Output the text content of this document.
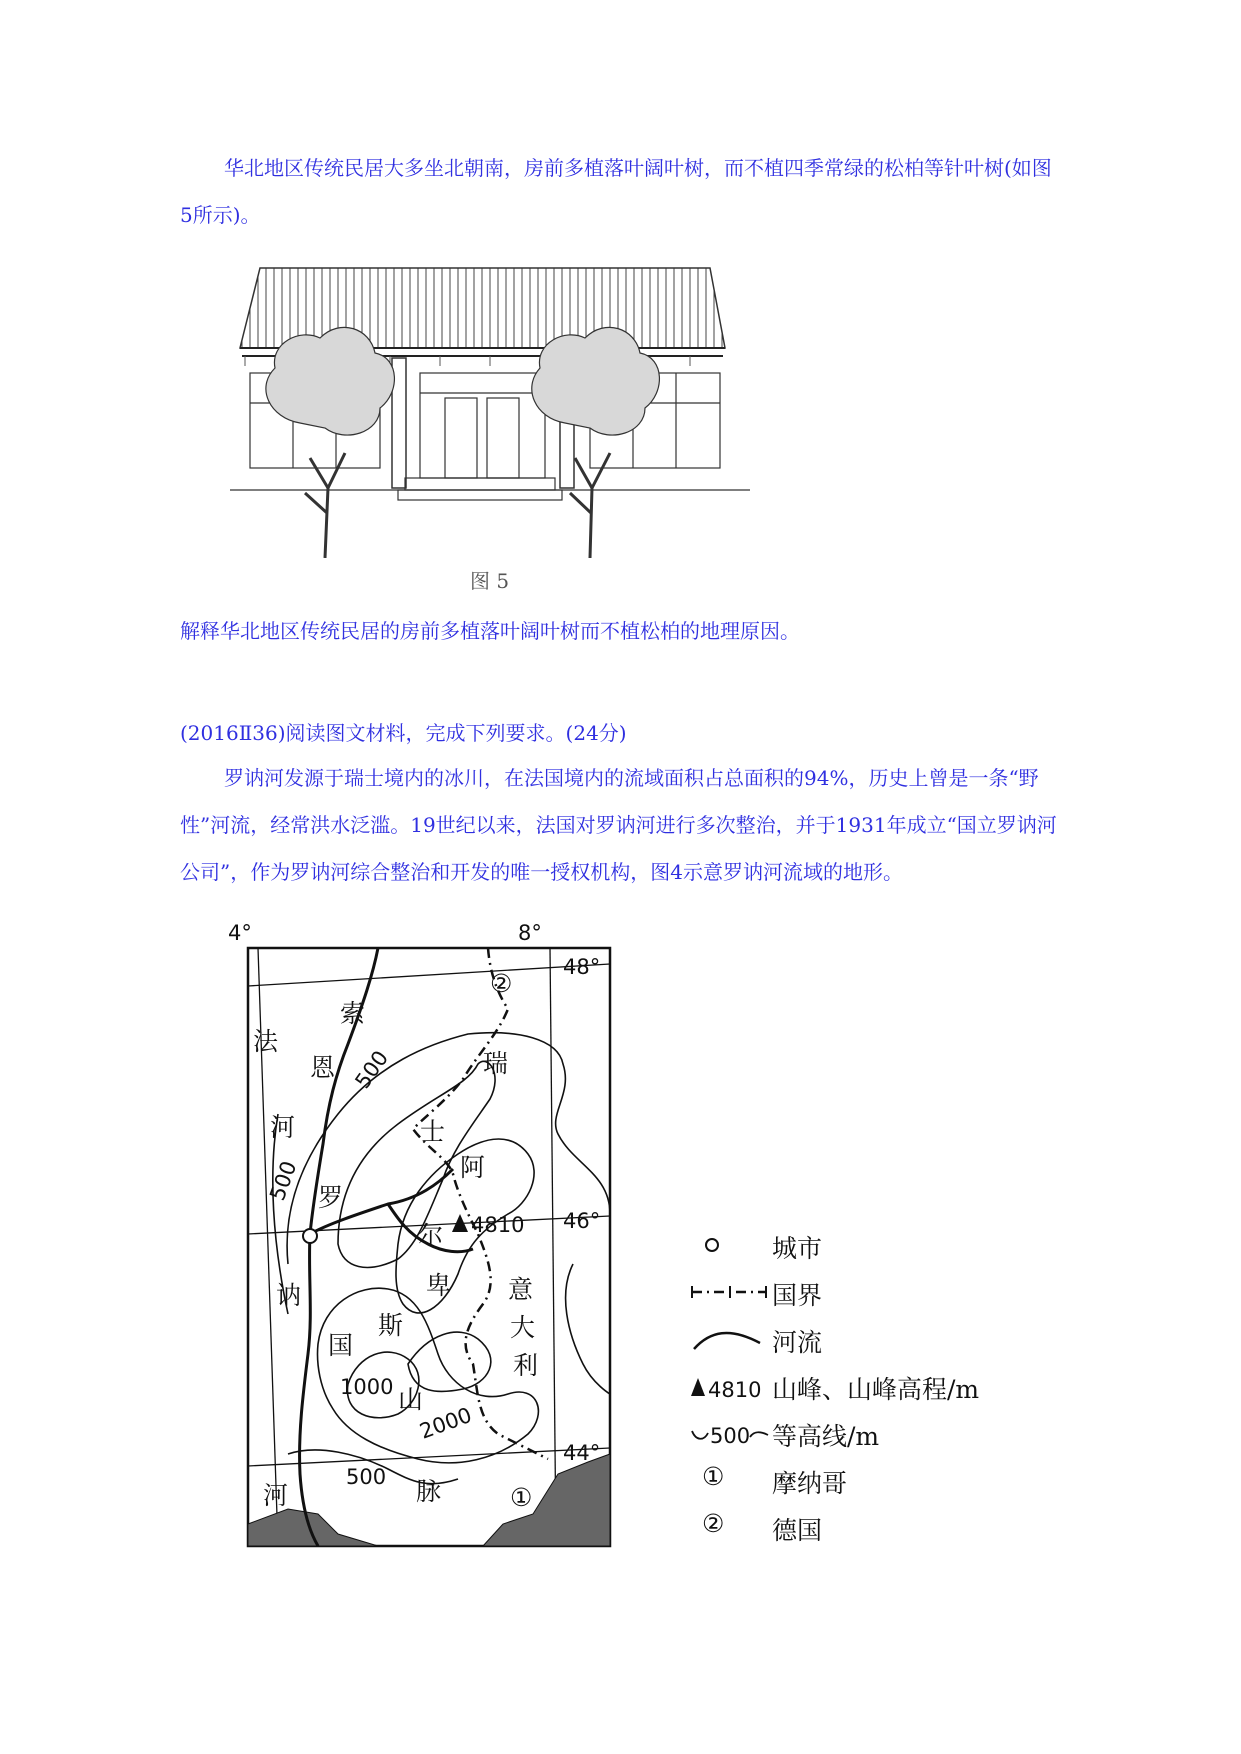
华北地区传统民居大多坐北朝南，房前多植落叶阔叶树，而不植四季常绿的松柏等针叶树(如图5所示)。

图 5

解释华北地区传统民居的房前多植落叶阔叶树而不植松柏的地理原因。

(2016Ⅱ36)阅读图文材料，完成下列要求。(24分)

罗讷河发源于瑞士境内的冰川，在法国境内的流域面积占总面积的94%，历史上曾是一条“野性”河流，经常洪水泛滥。19世纪以来，法国对罗讷河进行多次整治，并于1931年成立“国立罗讷河公司”，作为罗讷河综合整治和开发的唯一授权机构，图4示意罗讷河流域的地形。

4°	8°
48°
46°
44°
法
国
索
恩
河
罗
讷
河
瑞
士
阿
尔
卑
斯
山
脉
意
大
利
500
500
500
1000
2000
4810
①
②
城市
国界
河流
4810 山峰、山峰高程/m
500 等高线/m
①	摩纳哥
②	德国
